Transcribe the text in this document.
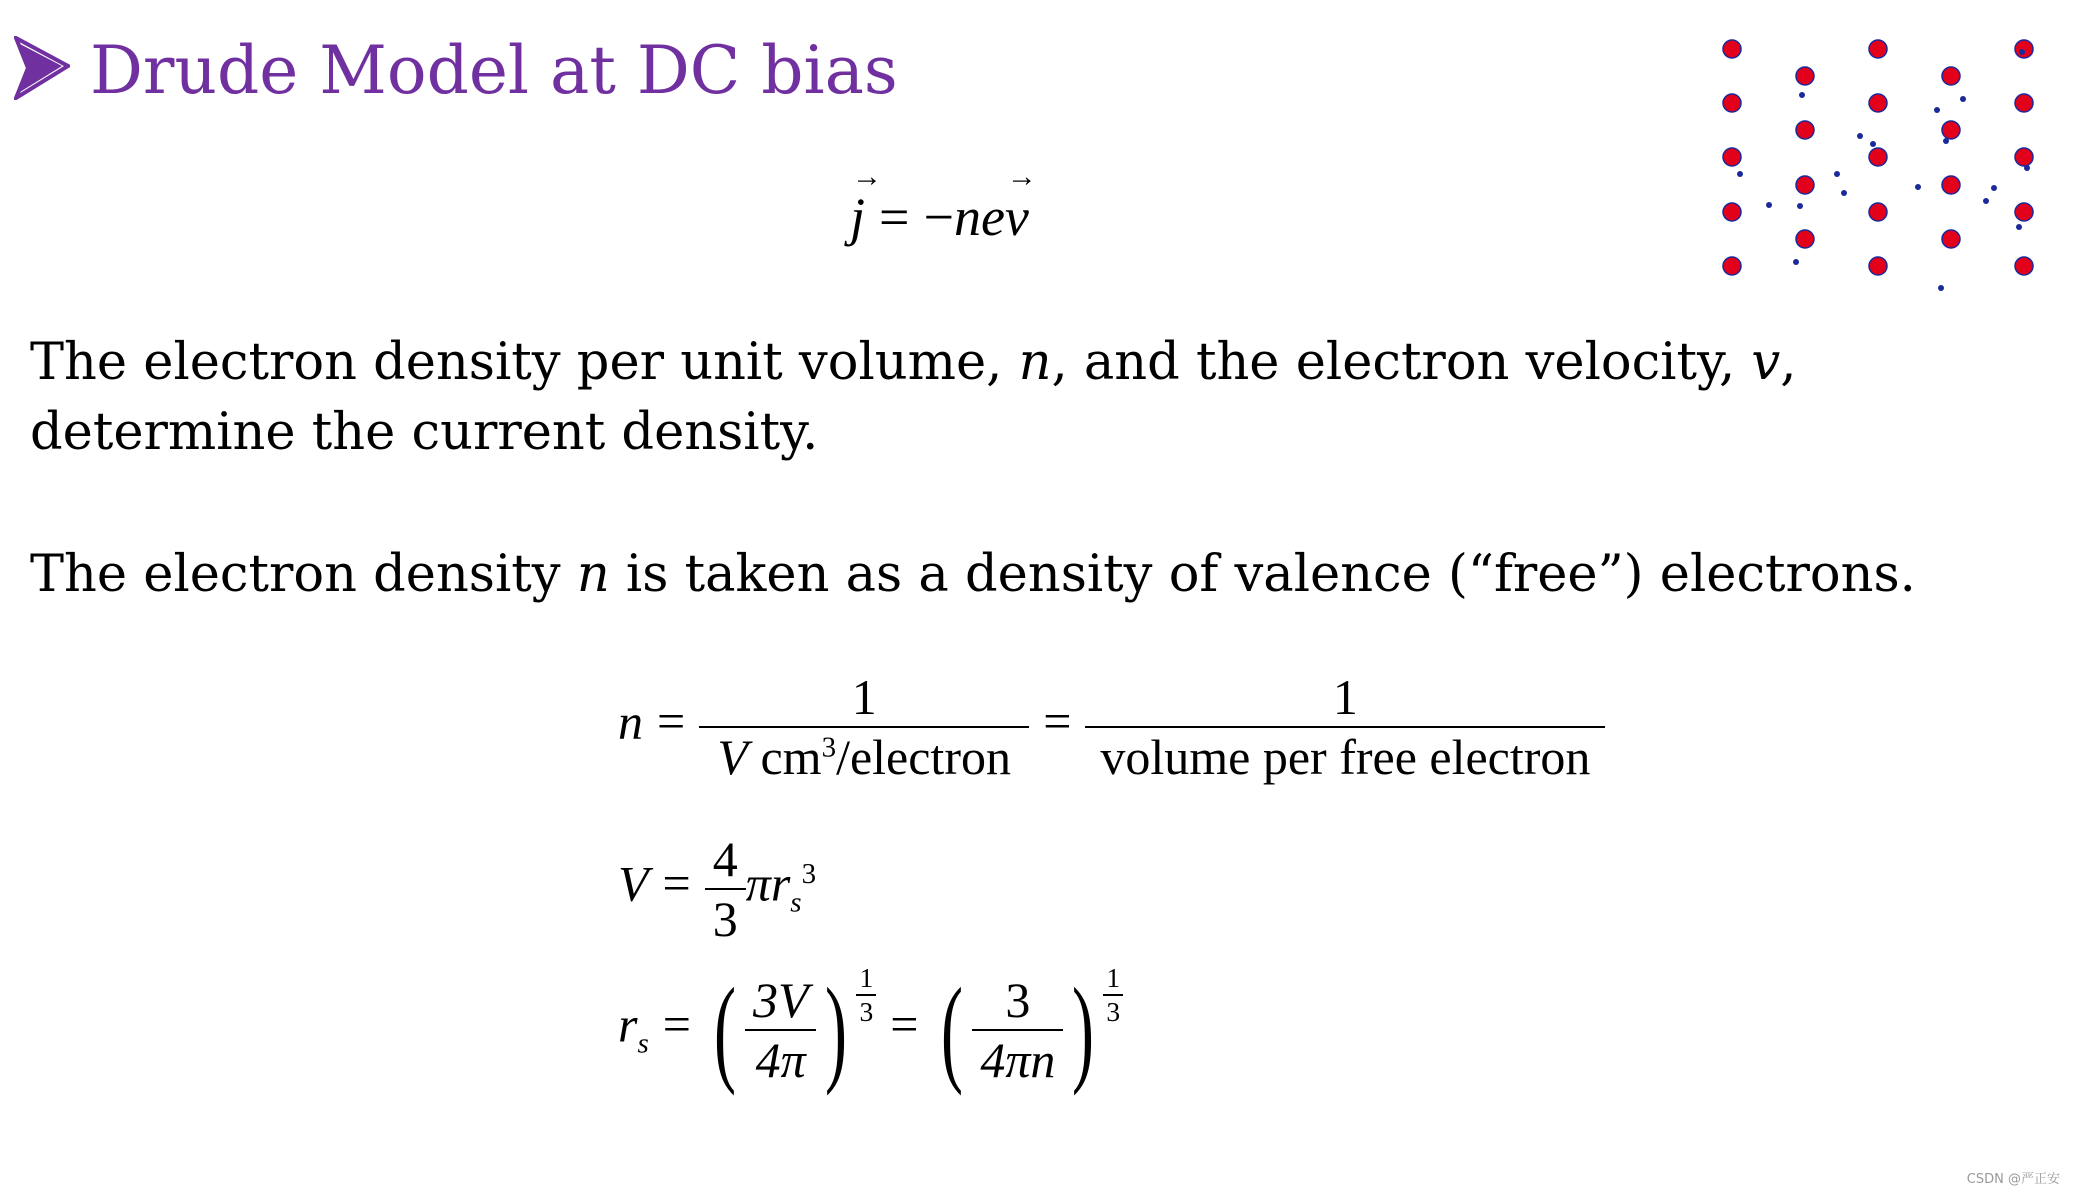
Drude Model at DC bias
→ j = −ne→ v

The electron density per unit volume, n, and the electron velocity, v,
determine the current density.

The electron density n is taken as a density of valence (“free”) electrons.

$n = \frac{1}{V cm^3/electron} = \frac{1}{\text{volume per free electron}}$
$V = \frac{4}{3} \pi r_s^3$
$r_s$ = ( $\frac{3V}{4\pi}$ ) $^{\frac{1}{3}}$ = ( $\frac{3}{4\pi n}$ ) $^{\frac{1}{3}}$
CSDN @严正安
